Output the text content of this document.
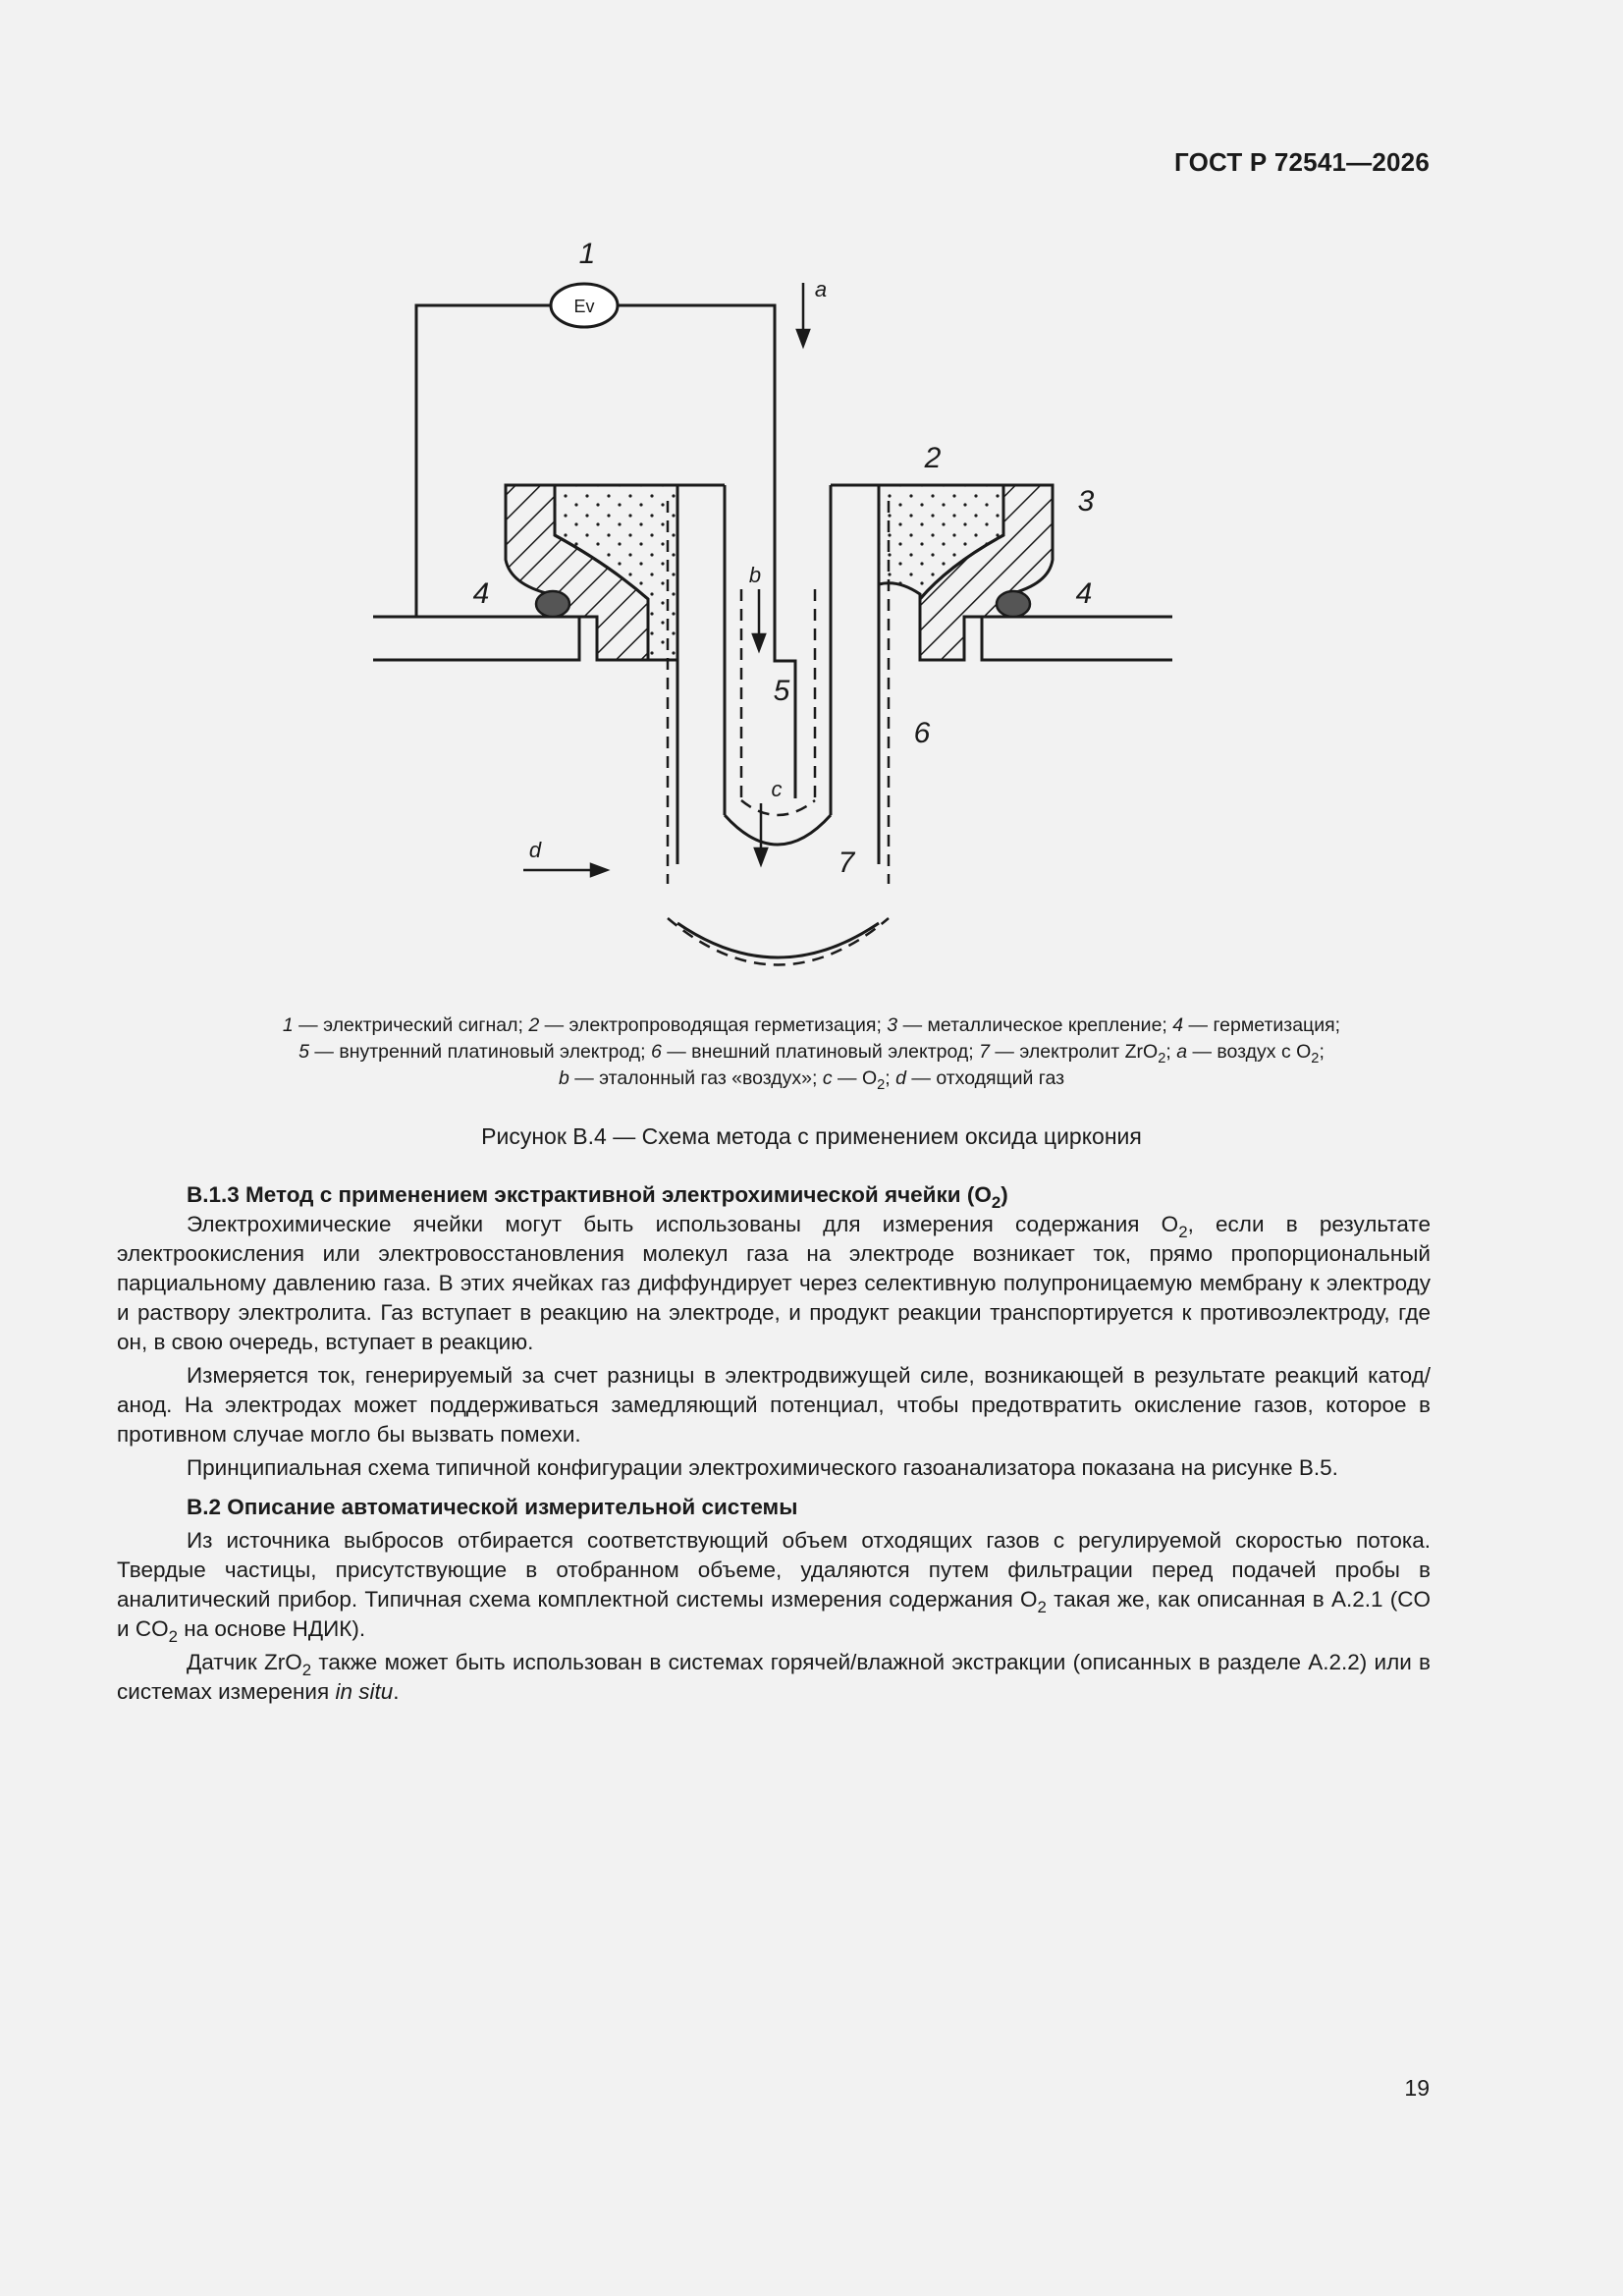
ГОСТ Р 72541—2026
Ev
1
2
3
4	4
5
6
7
a
b
c
d
1 — электрический сигнал; 2 — электропроводящая герметизация; 3 — металлическое крепление; 4 — герметизация;
5 — внутренний платиновый электрод; 6 — внешний платиновый электрод; 7 — электролит ZrO$_2$; a — воздух с $O_2$;
b — эталонный газ «воздух»; c — $O_2$; d — отходящий газ
Рисунок В.4 — Схема метода с применением оксида циркония
B.1.3 Метод с применением экстрактивной электрохимической ячейки $(O_2)$

Электрохимические ячейки могут быть использованы для измерения содержания $O_2$, если в результате электроокисления или электровосстановления молекул газа на электроде возникает ток, прямо пропорциональный парциальному давлению газа. В этих ячейках газ диффундирует через селективную полупроницаемую мембрану к электроду и раствору электролита. Газ вступает в реакцию на электроде, и продукт реакции транспортируется к противоэлектроду, где он, в свою очередь, вступает в реакцию.

Измеряется ток, генерируемый за счет разницы в электродвижущей силе, возникающей в результате реакций катод/анод. На электродах может поддерживаться замедляющий потенциал, чтобы предотвратить окисление газов, которое в противном случае могло бы вызвать помехи.

Принципиальная схема типичной конфигурации электрохимического газоанализатора показана на рисунке В.5.

B.2 Описание автоматической измерительной системы

Из источника выбросов отбирается соответствующий объем отходящих газов с регулируемой скоростью потока. Твердые частицы, присутствующие в отобранном объеме, удаляются путем фильтрации перед подачей пробы в аналитический прибор. Типичная схема комплектной системы измерения содержания $O_2$ такая же, как описанная в А.2.1 (CO и $CO_2$ на основе НДИК).

Датчик ZrO$_2$ также может быть использован в системах горячей/влажной экстракции (описанных в разделе А.2.2) или в системах измерения in situ.

19
